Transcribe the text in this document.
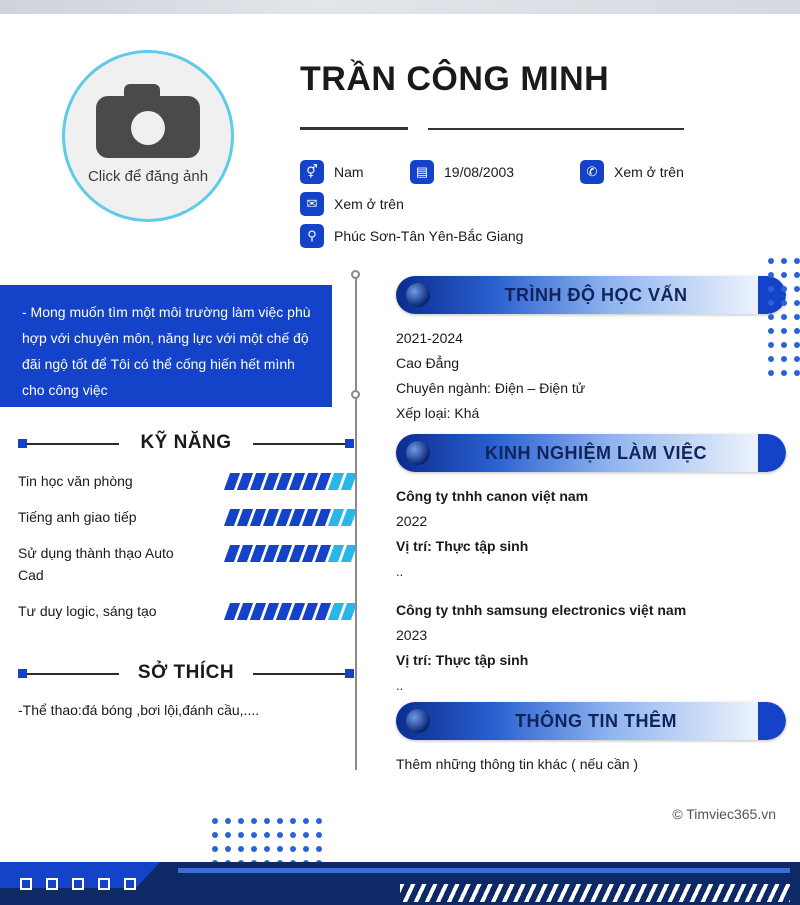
Click để đăng ảnh
TRẦN CÔNG MINH
⚥	Nam	▤	19/08/2003	✆	Xem ở trên
✉	Xem ở trên
⚲	Phúc Sơn-Tân Yên-Bắc Giang
- Mong muốn tìm một môi trường làm việc phù hợp với chuyên môn, năng lực với một chế độ đãi ngộ tốt để Tôi có thể cống hiến hết mình cho công việc
KỸ NĂNG
Tin học văn phòng
Tiếng anh giao tiếp
Sử dụng thành thạo Auto Cad
Tư duy logic, sáng tạo
SỞ THÍCH
-Thể thao:đá bóng ,bơi lội,đánh cầu,....
TRÌNH ĐỘ HỌC VẤN
2021-2024
Cao Đẳng
Chuyên ngành: Điện – Điện tử
Xếp loại: Khá
KINH NGHIỆM LÀM VIỆC
Công ty tnhh canon việt nam
2022
Vị trí: Thực tập sinh
..
Công ty tnhh samsung electronics việt nam
2023
Vị trí: Thực tập sinh
..
THÔNG TIN THÊM
Thêm những thông tin khác ( nếu cần )
© Timviec365.vn
